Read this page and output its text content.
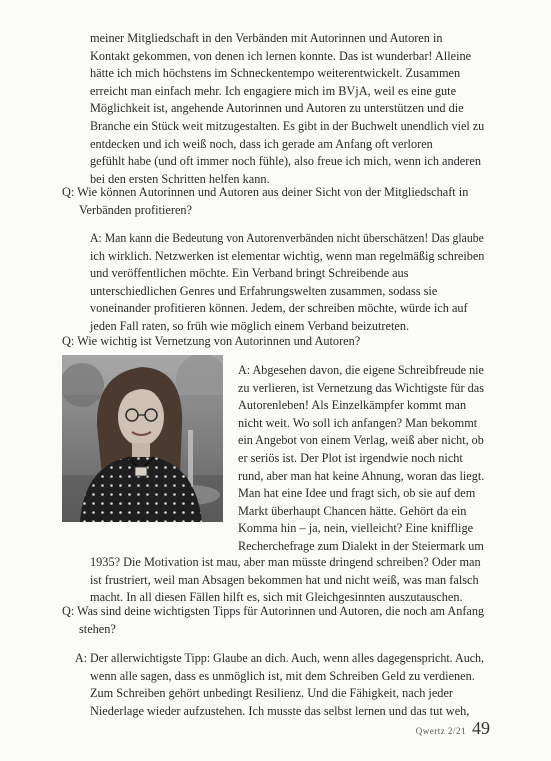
meiner Mitgliedschaft in den Verbänden mit Autorinnen und Autoren in
Kontakt gekommen, von denen ich lernen konnte. Das ist wunderbar! Alleine
hätte ich mich höchstens im Schneckentempo weiterentwickelt. Zusammen
erreicht man einfach mehr. Ich engagiere mich im BVjA, weil es eine gute
Möglichkeit ist, angehende Autorinnen und Autoren zu unterstützen und die
Branche ein Stück weit mitzugestalten. Es gibt in der Buchwelt unendlich viel zu
entdecken und ich weiß noch, dass ich gerade am Anfang oft verloren
gefühlt habe (und oft immer noch fühle), also freue ich mich, wenn ich anderen
bei den ersten Schritten helfen kann.
Q: Wie können Autorinnen und Autoren aus deiner Sicht von der Mitgliedschaft in
Verbänden profitieren?
A: Man kann die Bedeutung von Autorenverbänden nicht überschätzen! Das glaube
ich wirklich. Netzwerken ist elementar wichtig, wenn man regelmäßig schreiben
und veröffentlichen möchte. Ein Verband bringt Schreibende aus
unterschiedlichen Genres und Erfahrungswelten zusammen, sodass sie
voneinander profitieren können. Jedem, der schreiben möchte, würde ich auf
jeden Fall raten, so früh wie möglich einem Verband beizutreten.
Q: Wie wichtig ist Vernetzung von Autorinnen und Autoren?
A: Abgesehen davon, die eigene Schreibfreude nie
zu verlieren, ist Vernetzung das Wichtigste für das
Autorenleben! Als Einzelkämpfer kommt man
nicht weit. Wo soll ich anfangen? Man bekommt
ein Angebot von einem Verlag, weiß aber nicht, ob
er seriös ist. Der Plot ist irgendwie noch nicht
rund, aber man hat keine Ahnung, woran das liegt.
Man hat eine Idee und fragt sich, ob sie auf dem
Markt überhaupt Chancen hätte. Gehört da ein
Komma hin – ja, nein, vielleicht? Eine knifflige
Recherchefrage zum Dialekt in der Steiermark um
1935? Die Motivation ist mau, aber man müsste dringend schreiben? Oder man
ist frustriert, weil man Absagen bekommen hat und nicht weiß, was man falsch
macht. In all diesen Fällen hilft es, sich mit Gleichgesinnten auszutauschen.
Q: Was sind deine wichtigsten Tipps für Autorinnen und Autoren, die noch am Anfang
stehen?
A: Der allerwichtigste Tipp: Glaube an dich. Auch, wenn alles dagegenspricht. Auch,
wenn alle sagen, dass es unmöglich ist, mit dem Schreiben Geld zu verdienen.
Zum Schreiben gehört unbedingt Resilienz. Und die Fähigkeit, nach jeder
Niederlage wieder aufzustehen. Ich musste das selbst lernen und das tut weh,
Qwertz 2/21 49
